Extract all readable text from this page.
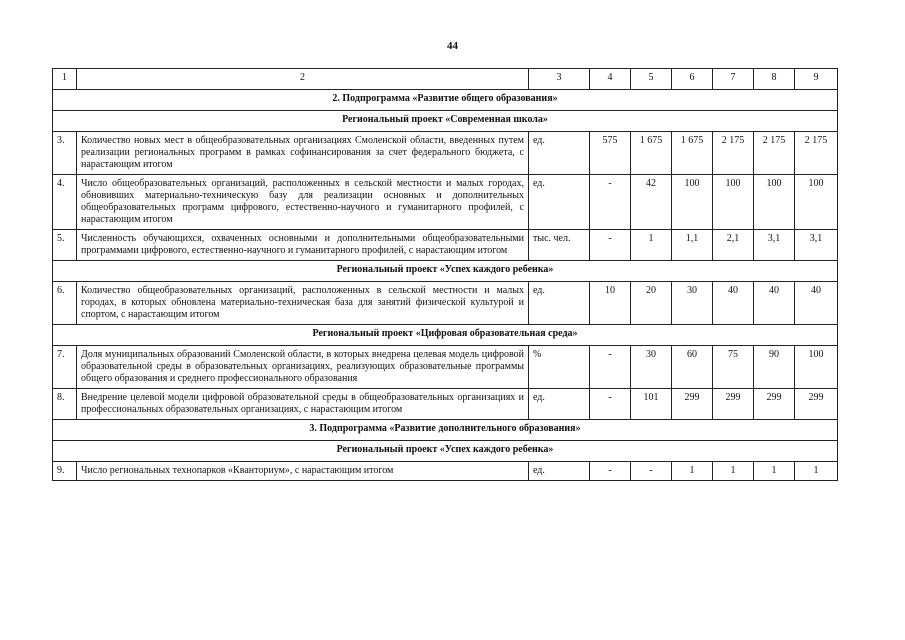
44
1	2	3	4	5	6	7	8	9
2. Подпрограмма «Развитие общего образования»								
Региональный проект «Современная школа»								
3.	Количество новых мест в общеобразовательных организациях Смоленской области, введенных путем реализации региональных программ в рамках софинансирования за счет федерального бюджета, с нарастающим итогом	ед.	575	1 675	1 675	2 175	2 175	2 175
4.	Число общеобразовательных организаций, расположенных в сельской местности и малых городах, обновивших материально-техническую базу для реализации основных и дополнительных общеобразовательных программ цифрового, естественно-научного и гуманитарного профилей, с нарастающим итогом	ед.	-	42	100	100	100	100
5.	Численность обучающихся, охваченных основными и дополнительными общеобразовательными программами цифрового, естественно-научного и гуманитарного профилей, с нарастающим итогом	тыс. чел.	-	1	1,1	2,1	3,1	3,1
Региональный проект «Успех каждого ребенка»								
6.	Количество общеобразовательных организаций, расположенных в сельской местности и малых городах, в которых обновлена материально-техническая база для занятий физической культурой и спортом, с нарастающим итогом	ед.	10	20	30	40	40	40
Региональный проект «Цифровая образовательная среда»								
7.	Доля муниципальных образований Смоленской области, в которых внедрена целевая модель цифровой образовательной среды в образовательных организациях, реализующих образовательные программы общего образования и среднего профессионального образования	%	-	30	60	75	90	100
8.	Внедрение целевой модели цифровой образовательной среды в общеобразовательных организациях и профессиональных образовательных организациях, с нарастающим итогом	ед.	-	101	299	299	299	299
3. Подпрограмма «Развитие дополнительного образования»								
Региональный проект «Успех каждого ребенка»								
9.	Число региональных технопарков «Кванториум», с нарастающим итогом	ед.	-	-	1	1	1	1
